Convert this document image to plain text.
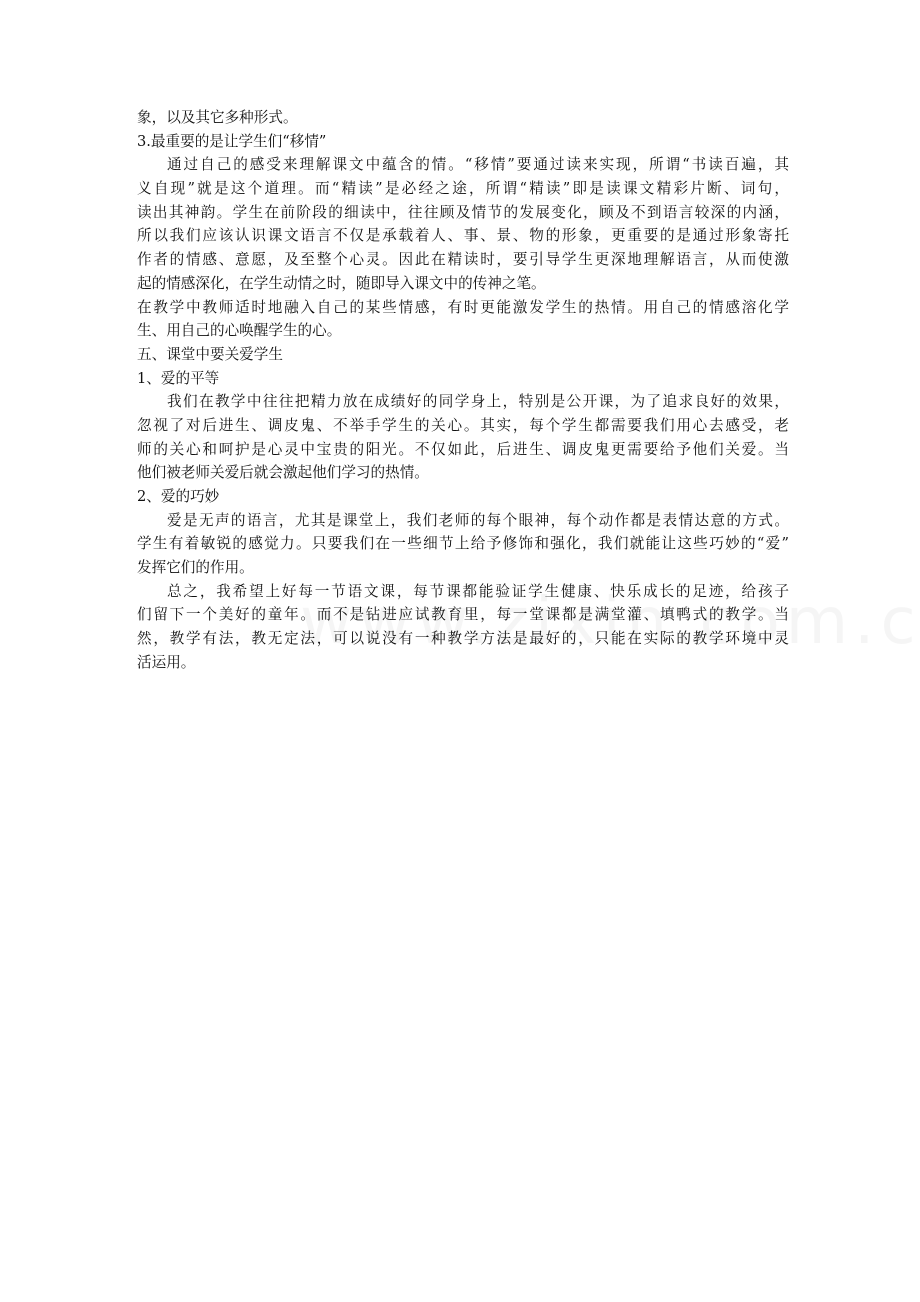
象，以及其它多种形式。
3.最重要的是让学生们“移情”
通过自己的感受来理解课文中蕴含的情。“移情”要通过读来实现，所谓“书读百遍，其
义自现”就是这个道理。而“精读”是必经之途，所谓“精读”即是读课文精彩片断、词句，
读出其神韵。学生在前阶段的细读中，往往顾及情节的发展变化，顾及不到语言较深的内涵，
所以我们应该认识课文语言不仅是承载着人、事、景、物的形象，更重要的是通过形象寄托
作者的情感、意愿，及至整个心灵。因此在精读时，要引导学生更深地理解语言，从而使激
起的情感深化，在学生动情之时，随即导入课文中的传神之笔。
在教学中教师适时地融入自己的某些情感，有时更能激发学生的热情。用自己的情感溶化学
生、用自己的心唤醒学生的心。
五、课堂中要关爱学生
1、爱的平等
我们在教学中往往把精力放在成绩好的同学身上，特别是公开课，为了追求良好的效果，
忽视了对后进生、调皮鬼、不举手学生的关心。其实，每个学生都需要我们用心去感受，老
师的关心和呵护是心灵中宝贵的阳光。不仅如此，后进生、调皮鬼更需要给予他们关爱。当
他们被老师关爱后就会激起他们学习的热情。
2、爱的巧妙
爱是无声的语言，尤其是课堂上，我们老师的每个眼神，每个动作都是表情达意的方式。
学生有着敏锐的感觉力。只要我们在一些细节上给予修饰和强化，我们就能让这些巧妙的“爱”
发挥它们的作用。
总之，我希望上好每一节语文课，每节课都能验证学生健康、快乐成长的足迹，给孩子
们留下一个美好的童年。而不是钻进应试教育里，每一堂课都是满堂灌、填鸭式的教学。当
然，教学有法，教无定法，可以说没有一种教学方法是最好的，只能在实际的教学环境中灵
活运用。
